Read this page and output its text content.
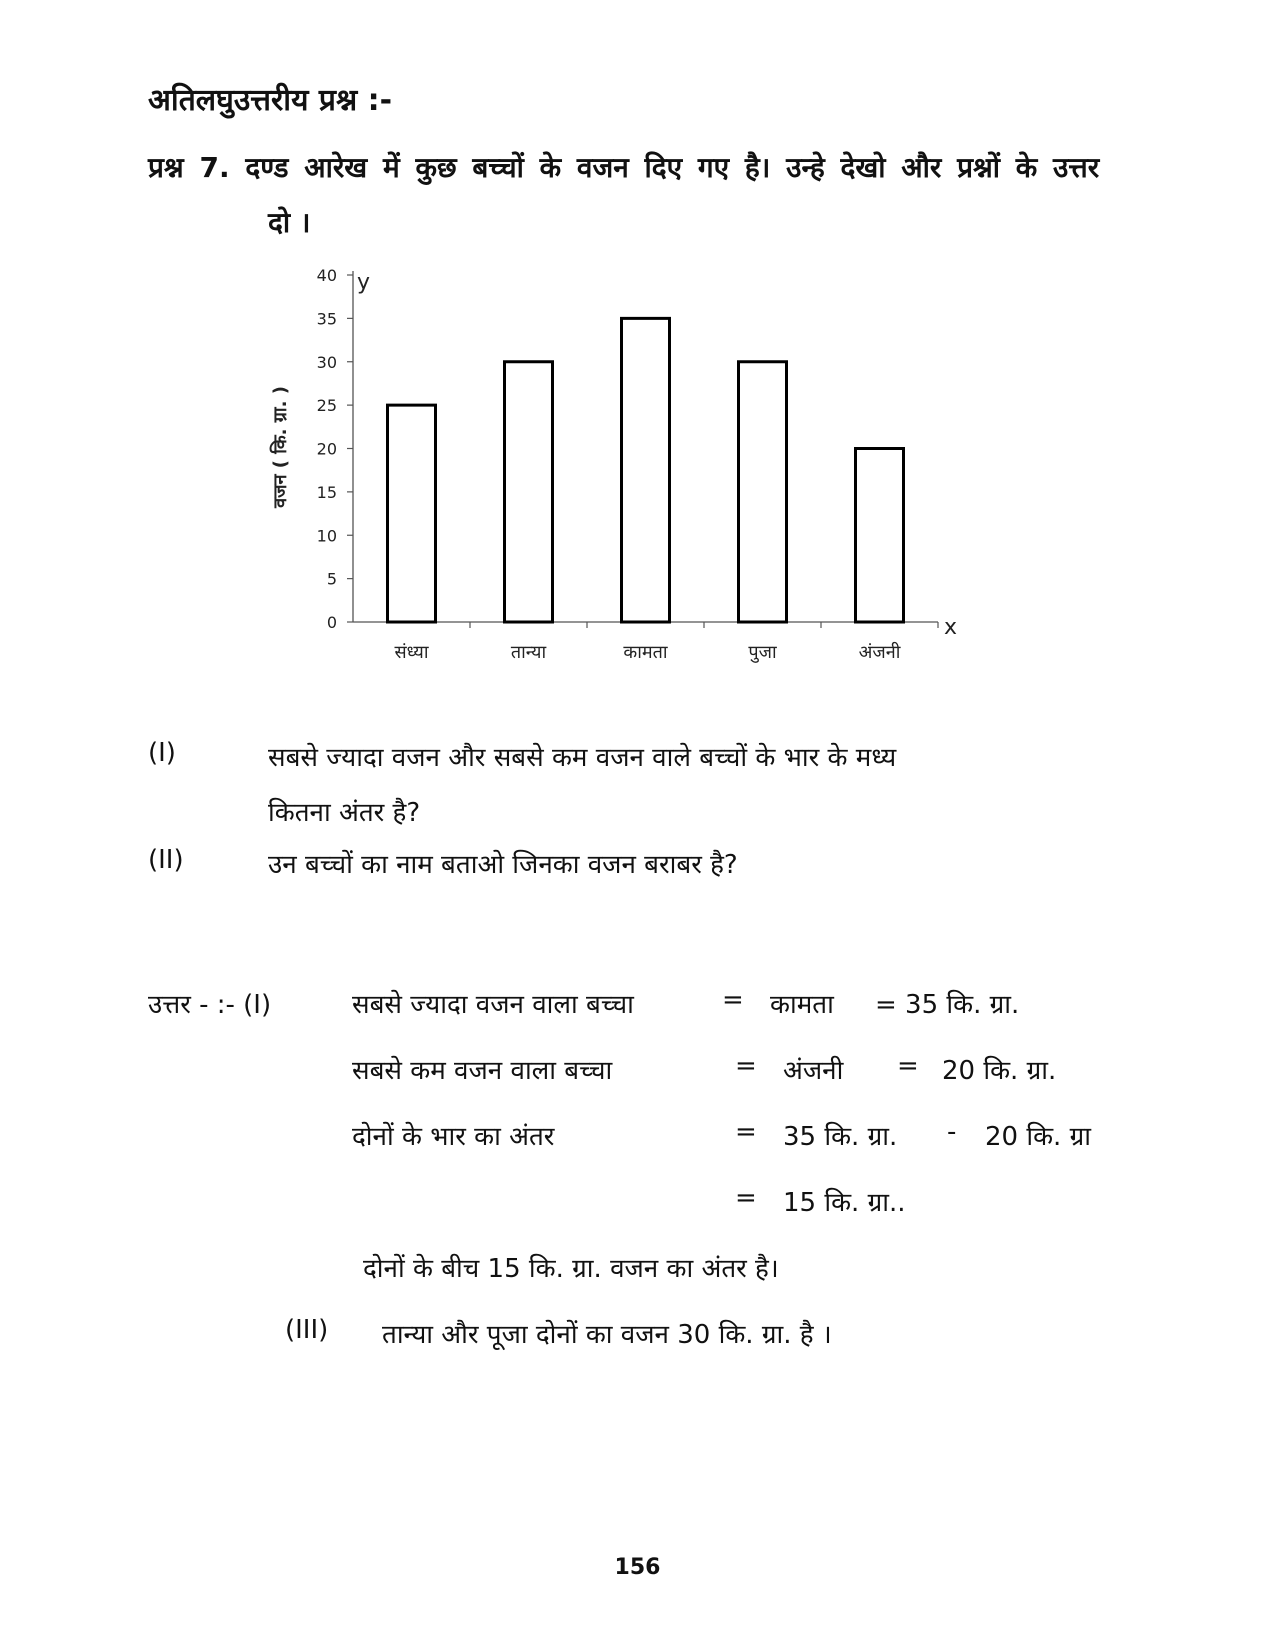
अतिलघुउत्तरीय प्रश्न :-
प्रश्न 7. दण्ड आरेख में कुछ बच्चों के वजन दिए गए है। उन्हे देखो और प्रश्नों के उत्तर
दो ।
0
5
10
15
20
25
30
35
40
संध्या	तान्या	कामता	पुजा	अंजनी
y
x
वजन ( कि. ग्रा. )
(I)	सबसे ज्यादा वजन और सबसे कम वजन वाले बच्चों के भार के मध्य
कितना अंतर है?
(II)	उन बच्चों का नाम बताओ जिनका वजन बराबर है?
उत्तर - :- (I)	सबसे ज्यादा वजन वाला बच्चा	= कामता = 35 कि. ग्रा.
सबसे कम वजन वाला बच्चा	= अंजनी = 20 कि. ग्रा.
दोनों के भार का अंतर	= 35 कि. ग्रा. - 20 कि. ग्रा
= 15 कि. ग्रा..
दोनों के बीच 15 कि. ग्रा. वजन का अंतर है।
(III) तान्या और पूजा दोनों का वजन 30 कि. ग्रा. है ।
156
